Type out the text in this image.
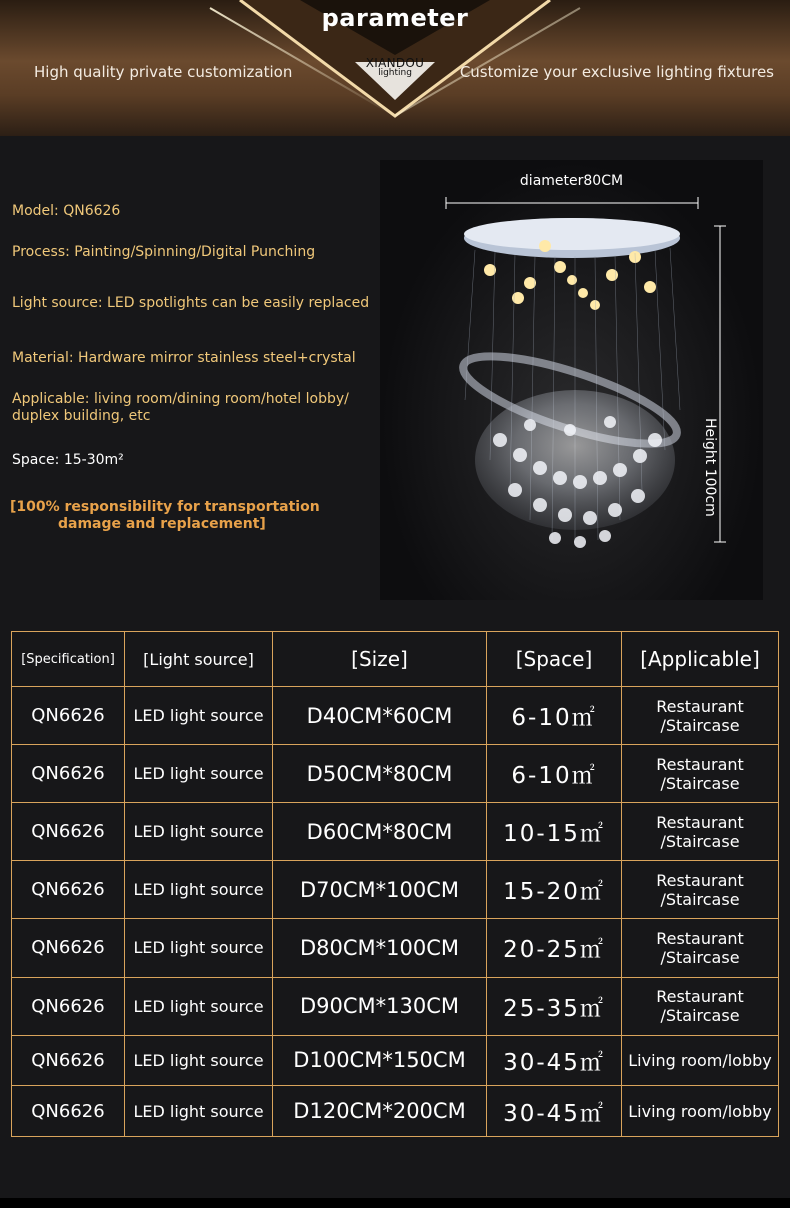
parameter
High quality private customization	Customize your exclusive lighting fixtures
XIANDOU
lighting
Model: QN6626
Process: Painting/Spinning/Digital Punching
Light source: LED spotlights can be easily replaced
Material: Hardware mirror stainless steel+crystal
Applicable: living room/dining room/hotel lobby/
duplex building, etc
Space: 15-30m²
[100% responsibility for transportation
damage and replacement]
diameter80CM
Height 100cm
[Specification]	[Light source]	[Size]	[Space]	[Applicable]
QN6626	LED light source	D40CM*60CM	6-10㎡	Restaurant
/Staircase

QN6626	LED light source	D50CM*80CM	6-10㎡	Restaurant
/Staircase

QN6626	LED light source	D60CM*80CM	10-15㎡	Restaurant
/Staircase

QN6626	LED light source	D70CM*100CM	15-20㎡	Restaurant
/Staircase

QN6626	LED light source	D80CM*100CM	20-25㎡	Restaurant
/Staircase

QN6626	LED light source	D90CM*130CM	25-35㎡	Restaurant
/Staircase

QN6626	LED light source	D100CM*150CM	30-45㎡	Living room/lobby

QN6626	LED light source	D120CM*200CM	30-45㎡	Living room/lobby
